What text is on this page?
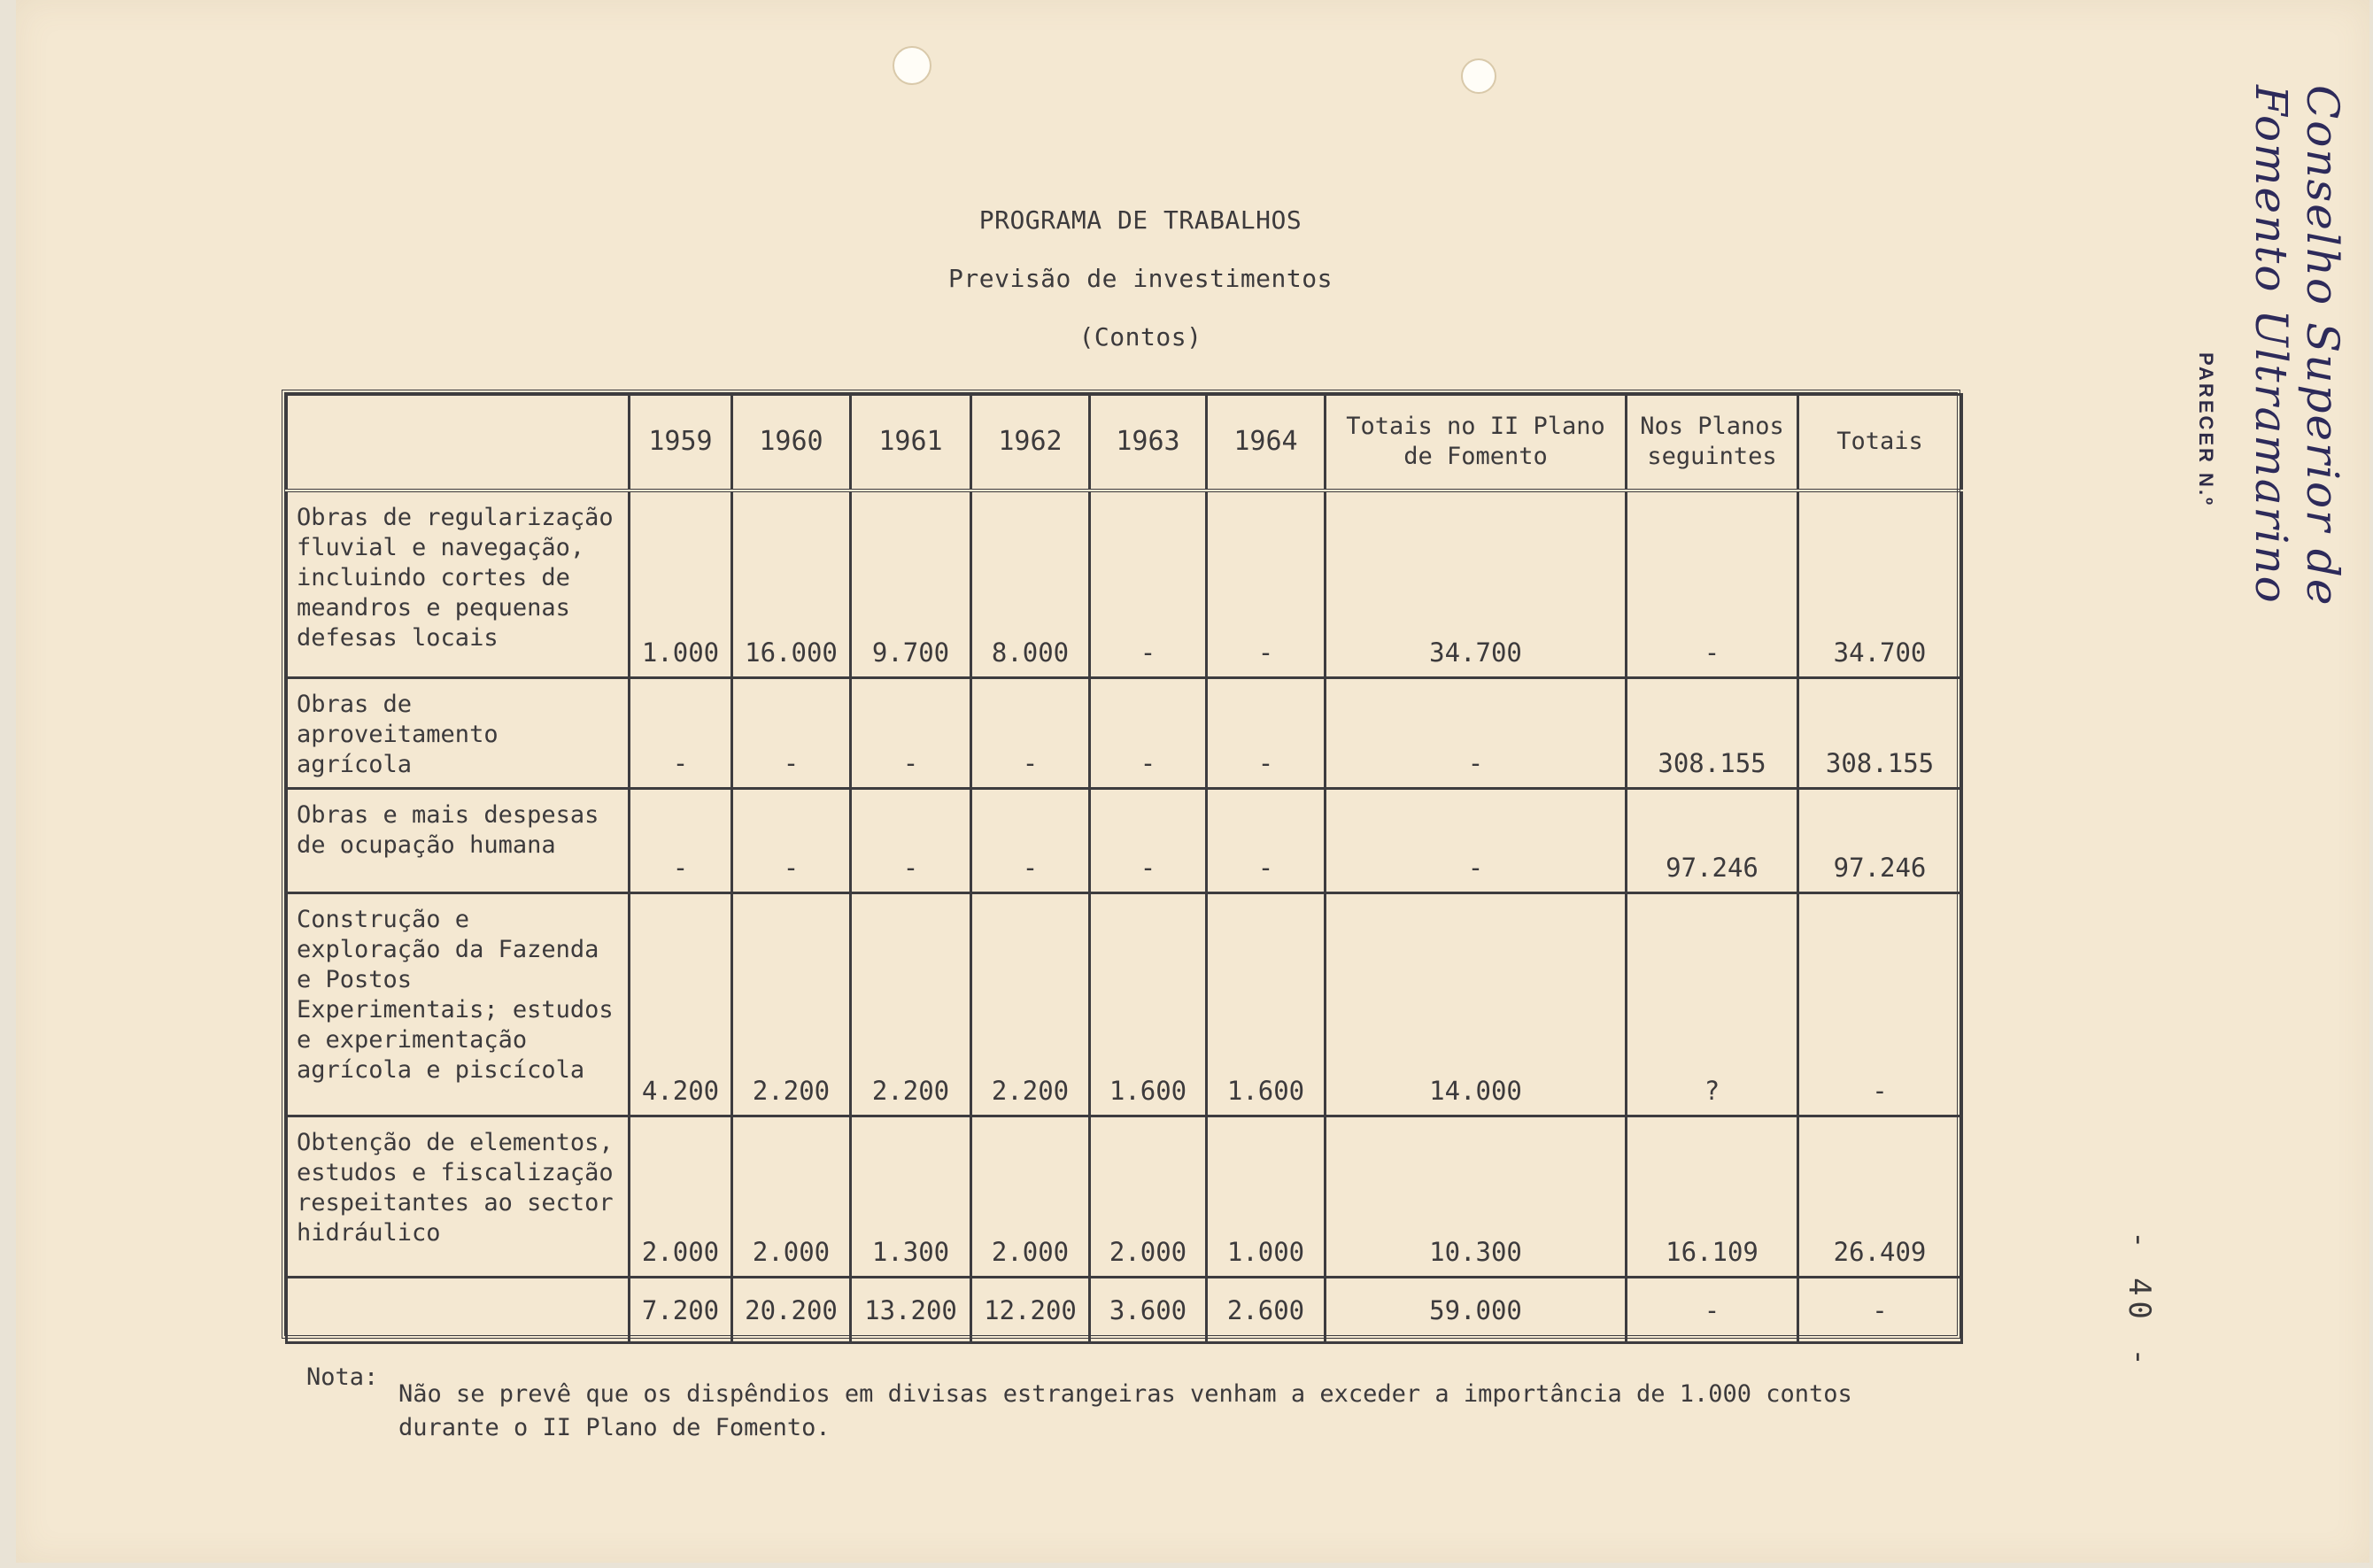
PROGRAMA DE TRABALHOS
Previsão de investimentos
(Contos)
	1959	1960	1961	1962	1963	1964	Totais no II Plano de Fomento	Nos Planos seguintes	Totais
Obras de regularização fluvial e navegação, incluindo cortes de meandros e pequenas defesas locais	1.000	16.000	9.700	8.000	-	-	34.700	-	34.700
Obras de aproveitamento agrícola	-	-	-	-	-	-	-	308.155	308.155
Obras e mais despesas de ocupação humana	-	-	-	-	-	-	-	97.246	97.246
Construção e exploração da Fazenda e Postos Experimentais; estudos e experimentação agrícola e piscícola	4.200	2.200	2.200	2.200	1.600	1.600	14.000	?	-
Obtenção de elementos, estudos e fiscalização respeitantes ao sector hidráulico	2.000	2.000	1.300	2.000	2.000	1.000	10.300	16.109	26.409
	7.200	20.200	13.200	12.200	3.600	2.600	59.000	-	-
Nota:
Não se prevê que os dispêndios em divisas estrangeiras venham a exceder a importância de 1.000 contos durante o II Plano de Fomento.
Conselho Superior de Fomento Ultramarino
PARECER N.º
- 40 -
